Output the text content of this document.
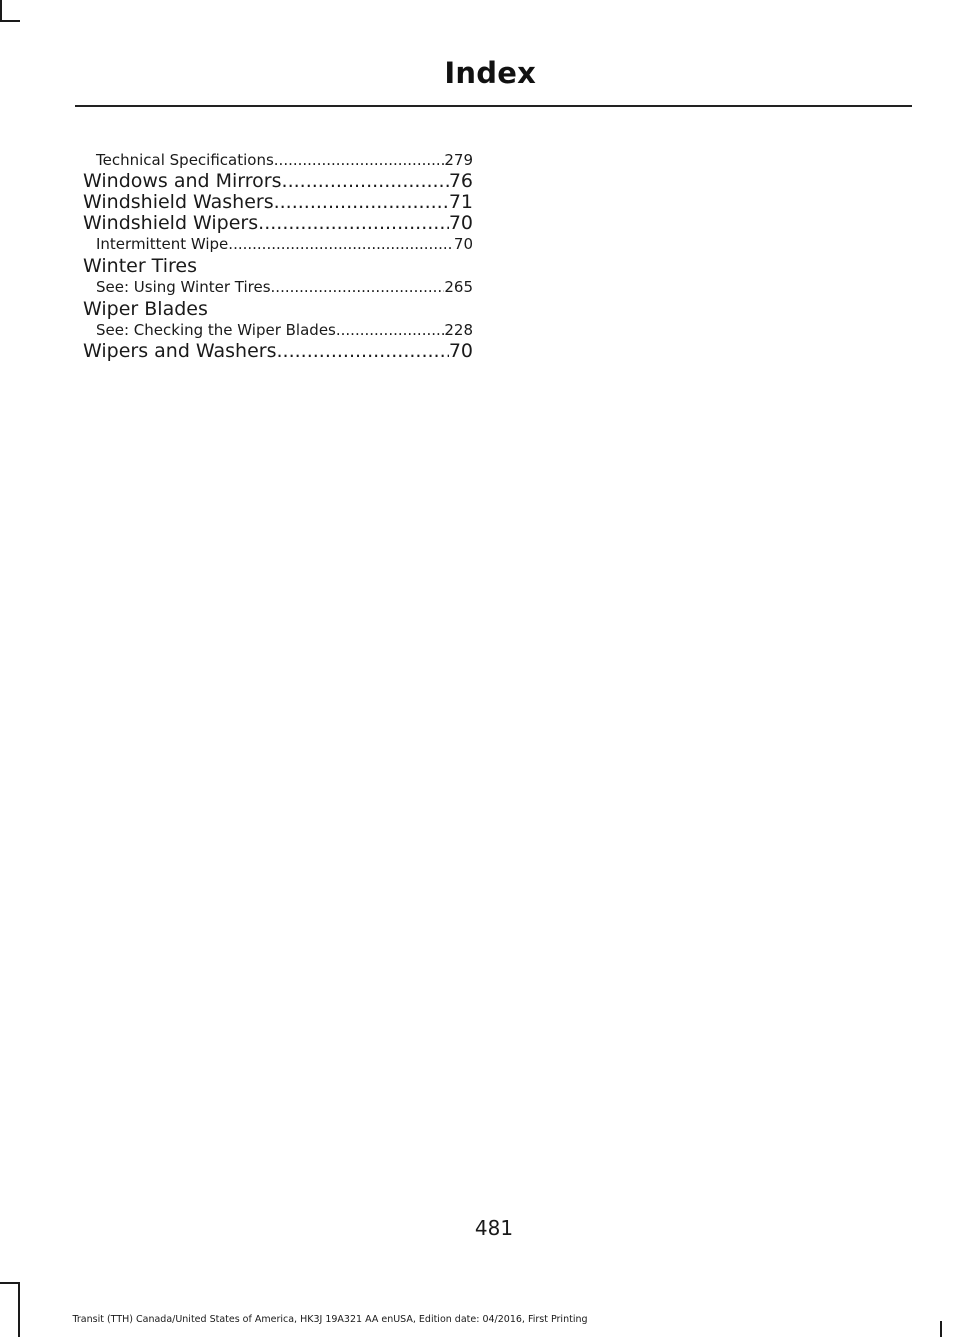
Index
Technical Specifications .....	279
Windows and Mirrors .....	76
Windshield Washers .....	71
Windshield Wipers .....	70
Intermittent Wipe .....	70
Winter Tires
See: Using Winter Tires .....	265
Wiper Blades
See: Checking the Wiper Blades .....	228
Wipers and Washers .....	70
481
Transit (TTH) Canada/United States of America, HK3J 19A321 AA enUSA, Edition date: 04/2016, First Printing
